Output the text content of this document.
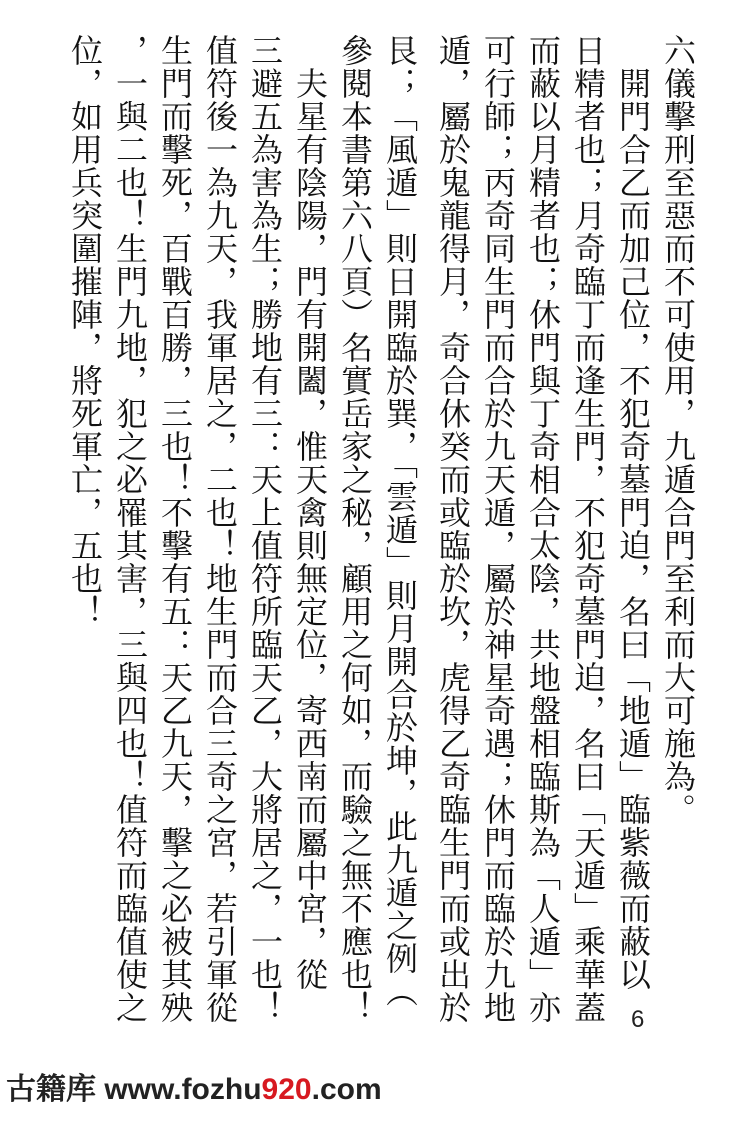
六儀擊刑至惡而不可使用，九遁合門至利而大可施為。
　開門合乙而加己位，不犯奇墓門迫，名曰「地遁」臨紫薇而蔽以
日精者也；月奇臨丁而逢生門，不犯奇墓門迫，名曰「天遁」乘華蓋
而蔽以月精者也；休門與丁奇相合太陰，共地盤相臨斯為「人遁」亦
可行師；丙奇同生門而合於九天遁，屬於神星奇遇；休門而臨於九地
遁，屬於鬼龍得月，奇合休癸而或臨於坎，虎得乙奇臨生門而或出於
艮；「風遁」則日開臨於巽，「雲遁」則月開合於坤，此九遁之例（
參閱本書第六八頁）名實岳家之秘，顧用之何如，而驗之無不應也！
　夫星有陰陽，門有開闔，惟天禽則無定位，寄西南而屬中宮，從
三避五為害為生；勝地有三：天上值符所臨天乙，大將居之，一也！
值符後一為九天，我軍居之，二也！地生門而合三奇之宮，若引軍從
生門而擊死，百戰百勝，三也！不擊有五：天乙九天，擊之必被其殃
，一與二也！生門九地，犯之必罹其害，三與四也！值符而臨值使之
位，如用兵突圍摧陣，將死軍亡，五也！
6
古籍库 www.fozhu920.com
